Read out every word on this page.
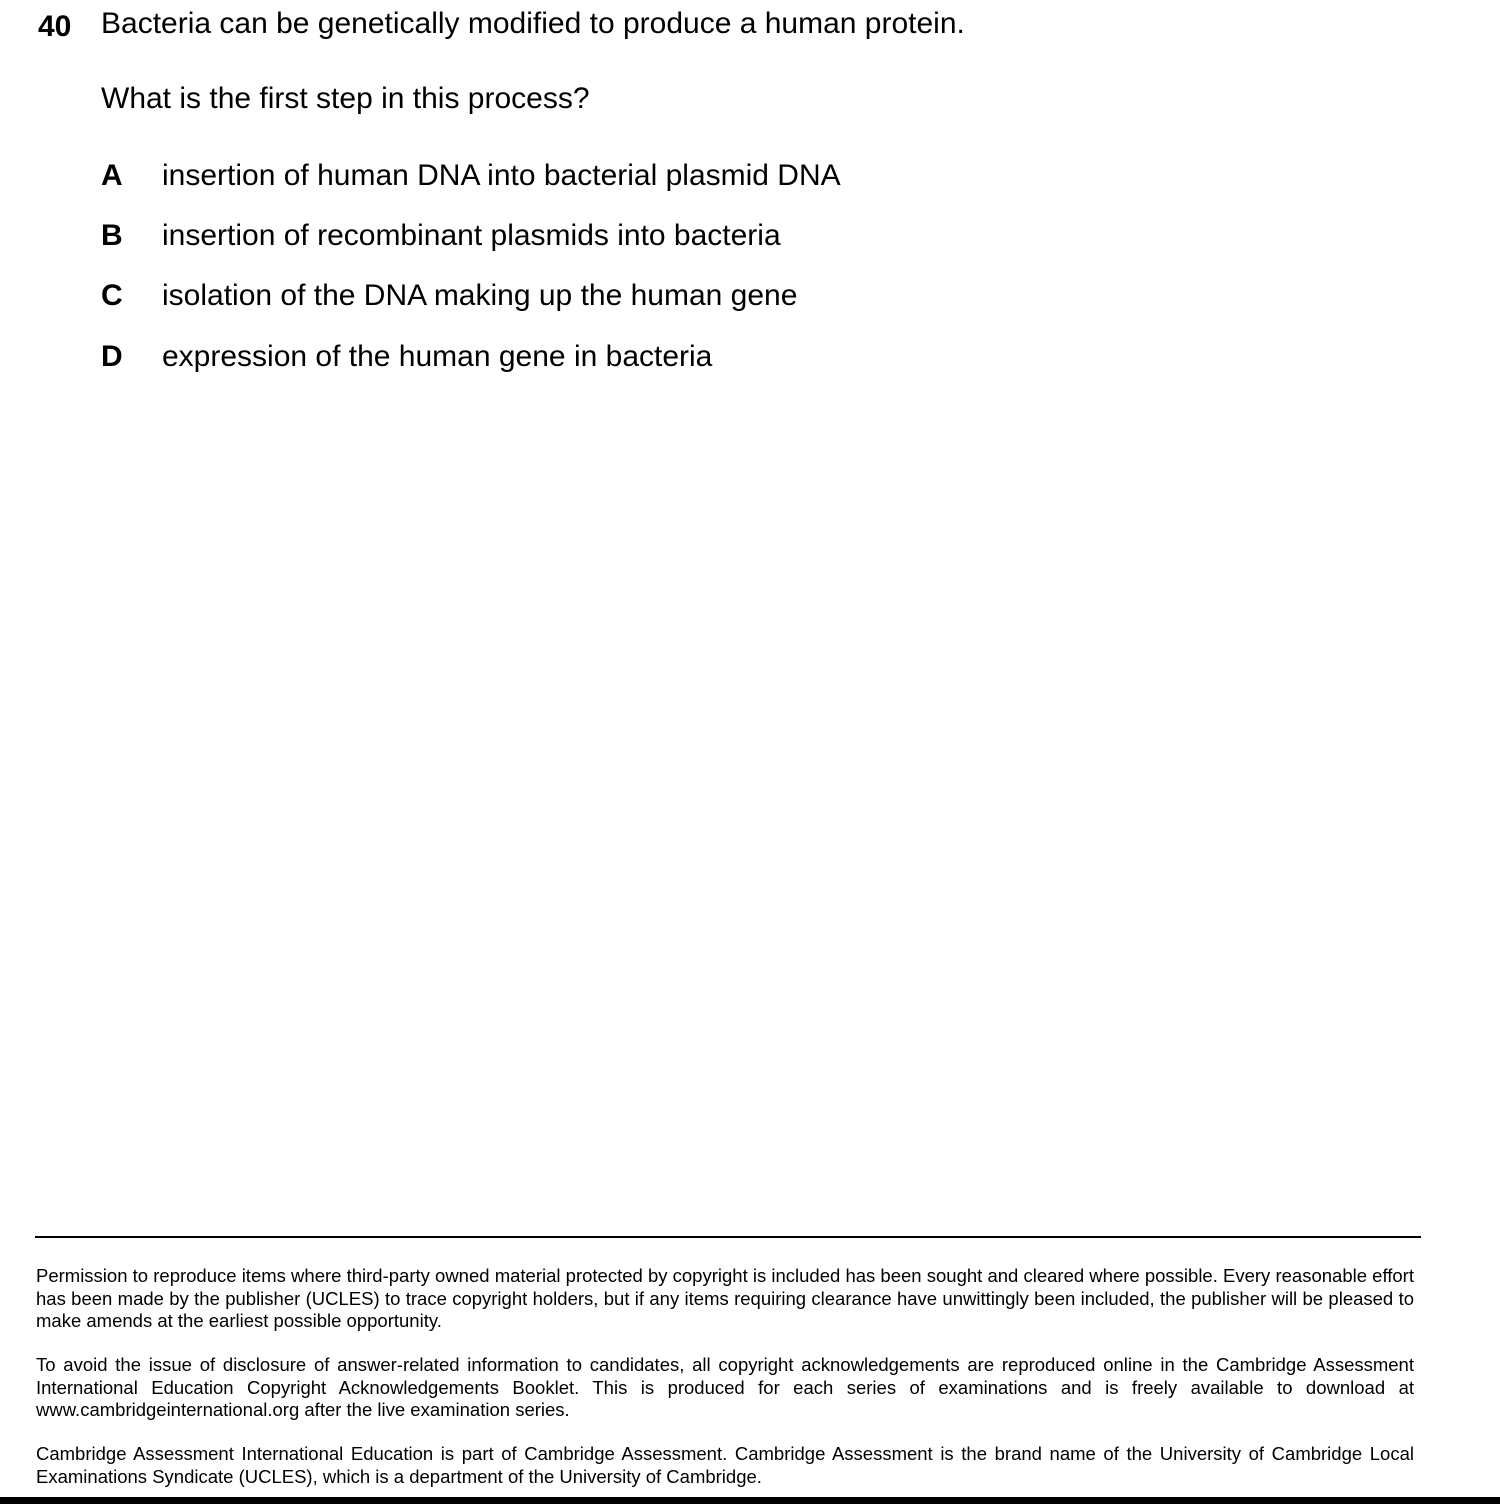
40 Bacteria can be genetically modified to produce a human protein.
What is the first step in this process?
A insertion of human DNA into bacterial plasmid DNA
B insertion of recombinant plasmids into bacteria
C isolation of the DNA making up the human gene
D expression of the human gene in bacteria

Permission to reproduce items where third-party owned material protected by copyright is included has been sought and cleared where possible. Every reasonable effort has been made by the publisher (UCLES) to trace copyright holders, but if any items requiring clearance have unwittingly been included, the publisher will be pleased to make amends at the earliest possible opportunity.

To avoid the issue of disclosure of answer-related information to candidates, all copyright acknowledgements are reproduced online in the Cambridge Assessment International Education Copyright Acknowledgements Booklet. This is produced for each series of examinations and is freely available to download at www.cambridgeinternational.org after the live examination series.

Cambridge Assessment International Education is part of Cambridge Assessment. Cambridge Assessment is the brand name of the University of Cambridge Local Examinations Syndicate (UCLES), which is a department of the University of Cambridge.
